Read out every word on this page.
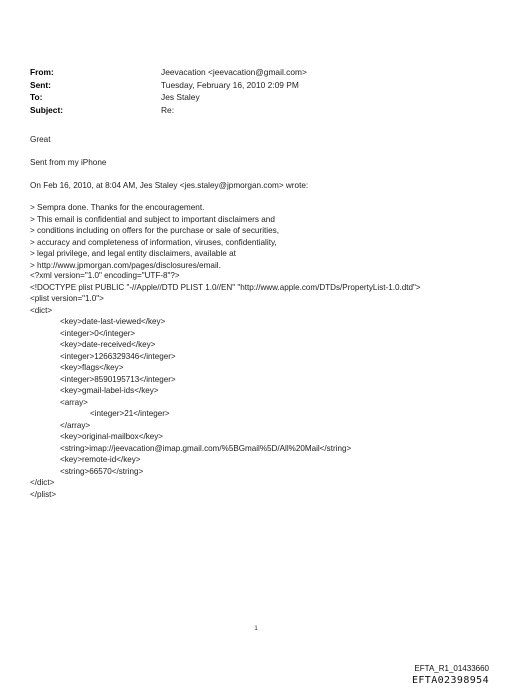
From:	Jeevacation <jeevacation@gmail.com>
Sent:	Tuesday, February 16, 2010 2:09 PM
To:	Jes Staley
Subject:	Re:
Great
Sent from my iPhone
On Feb 16, 2010, at 8:04 AM, Jes Staley <jes.staley@jpmorgan.com> wrote:
> Sempra done. Thanks for the encouragement.
> This email is confidential and subject to important disclaimers and
> conditions including on offers for the purchase or sale of securities,
> accuracy and completeness of information, viruses, confidentiality,
> legal privilege, and legal entity disclaimers, available at
> http://www.jpmorgan.com/pages/disclosures/email.
<?xml version="1.0" encoding="UTF-8"?>
<!DOCTYPE plist PUBLIC "-//Apple//DTD PLIST 1.0//EN" "http://www.apple.com/DTDs/PropertyList-1.0.dtd">
<plist version="1.0">
<dict>
<key>date-last-viewed</key>
<integer>0</integer>
<key>date-received</key>
<integer>1266329346</integer>
<key>flags</key>
<integer>8590195713</integer>
<key>gmail-label-ids</key>
<array>
<integer>21</integer>
</array>
<key>original-mailbox</key>
<string>imap://jeevacation@imap.gmail.com/%5BGmail%5D/All%20Mail</string>
<key>remote-id</key>
<string>66570</string>
</dict>
</plist>
1
EFTA_R1_01433660
EFTA02398954
